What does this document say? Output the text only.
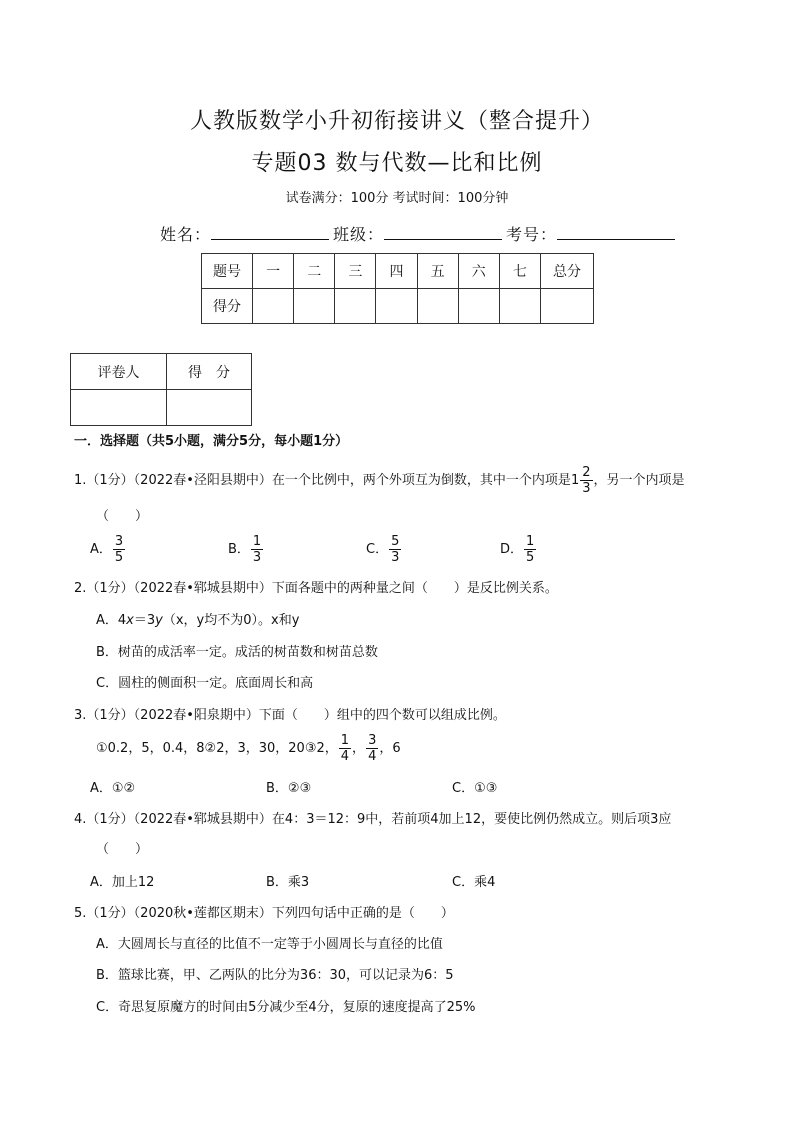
人教版数学小升初衔接讲义（整合提升）
专题03 数与代数—比和比例
试卷满分：100分 考试时间：100分钟
姓名：	班级：	考号：
题号	一	二	三	四	五	六	七	总分
得分								
评卷人	得　分

一．选择题（共5小题，满分5分，每小题1分）
1.（1分）（2022春•泾阳县期中）在一个比例中，两个外项互为倒数，其中一个内项是$1 \frac{2}{3}$ ，另一个内项是
（　　）
A． $\frac{3}{5}$	B． $\frac{1}{3}$	C． $\frac{5}{3}$	D． $\frac{1}{5}$
2.（1分）（2022春•郓城县期中）下面各题中的两种量之间（　　）是反比例关系。
A．4x＝3y（x，y均不为0）。x和y
B．树苗的成活率一定。成活的树苗数和树苗总数
C．圆柱的侧面积一定。底面周长和高
3.（1分）（2022春•阳泉期中）下面（　　）组中的四个数可以组成比例。
①0.2，5，0.4，8②2，3，30，20③2， $\frac{1}{4}$ ， $\frac{3}{4}$ ，6
A．①②	B．②③	C．①③
4.（1分）（2022春•郓城县期中）在4：3＝12：9中，若前项4加上12，要使比例仍然成立。则后项3应
（　　）
A．加上12	B．乘3	C．乘4
5.（1分）（2020秋•莲都区期末）下列四句话中正确的是（　　）
A．大圆周长与直径的比值不一定等于小圆周长与直径的比值
B．篮球比赛，甲、乙两队的比分为36：30，可以记录为6：5
C．奇思复原魔方的时间由5分减少至4分，复原的速度提高了25%
